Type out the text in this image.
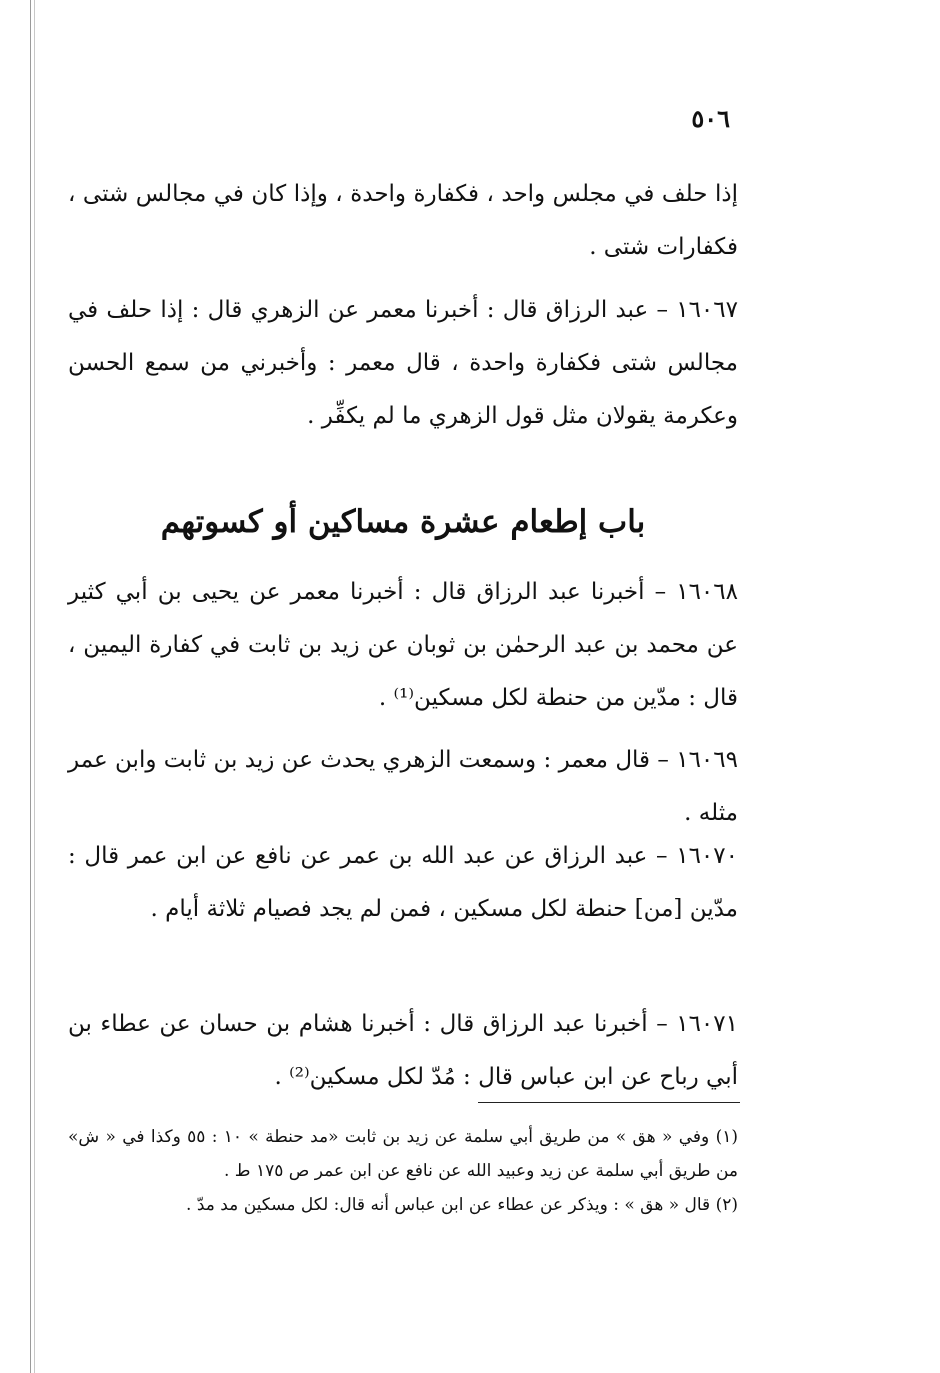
٥٠٦

إذا حلف في مجلس واحد ، فكفارة واحدة ، وإذا كان في مجالس شتى ، فكفارات شتى .

١٦٠٦٧ – عبد الرزاق قال : أخبرنا معمر عن الزهري قال : إذا حلف في مجالس شتى فكفارة واحدة ، قال معمر : وأخبرني من سمع الحسن وعكرمة يقولان مثل قول الزهري ما لم يكفِّر .

باب إطعام عشرة مساكين أو كسوتهم

١٦٠٦٨ – أخبرنا عبد الرزاق قال : أخبرنا معمر عن يحيى بن أبي كثير عن محمد بن عبد الرحمٰن بن ثوبان عن زيد بن ثابت في كفارة اليمين ، قال : مدّين من حنطة لكل مسكين⁽¹⁾ .

١٦٠٦٩ – قال معمر : وسمعت الزهري يحدث عن زيد بن ثابت وابن عمر مثله .

١٦٠٧٠ – عبد الرزاق عن عبد الله بن عمر عن نافع عن ابن عمر قال : مدّين [من] حنطة لكل مسكين ، فمن لم يجد فصيام ثلاثة أيام .

١٦٠٧١ – أخبرنا عبد الرزاق قال : أخبرنا هشام بن حسان عن عطاء بن أبي رباح عن ابن عباس قال : مُدّ لكل مسكين⁽²⁾ .

(١) وفي « هق » من طريق أبي سلمة عن زيد بن ثابت «مد حنطة » ١٠ : ٥٥ وكذا في « ش» من طريق أبي سلمة عن زيد وعبيد الله عن نافع عن ابن عمر ص ١٧٥ ط .

(٢) قال « هق » : ويذكر عن عطاء عن ابن عباس أنه قال: لكل مسكين مد مدّ .
